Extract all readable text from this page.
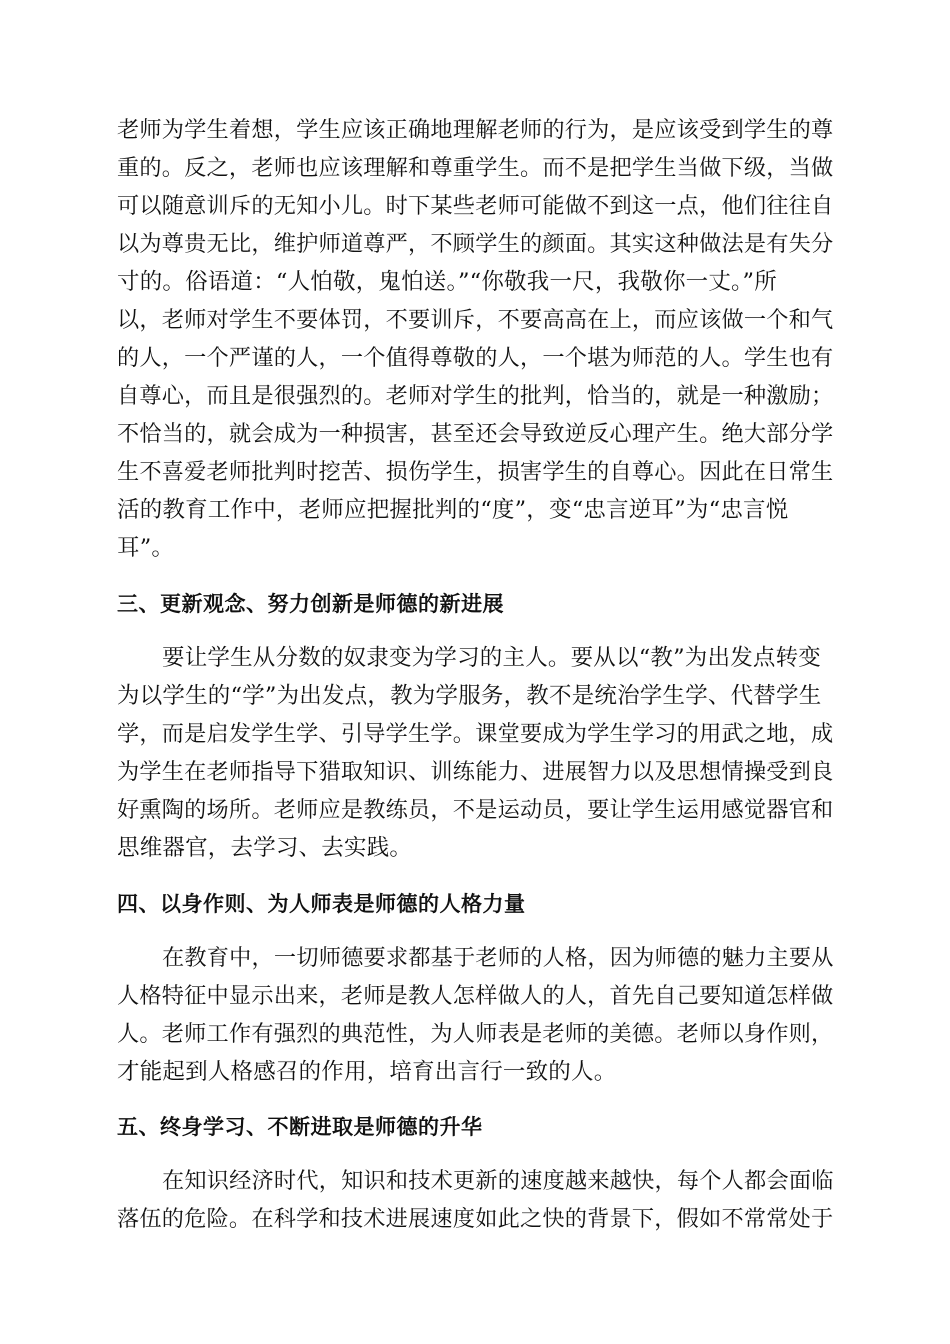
老师为学生着想，学生应该正确地理解老师的行为，是应该受到学生的尊
重的。反之，老师也应该理解和尊重学生。而不是把学生当做下级，当做
可以随意训斥的无知小儿。时下某些老师可能做不到这一点，他们往往自
以为尊贵无比，维护师道尊严，不顾学生的颜面。其实这种做法是有失分
寸的。俗语道：“人怕敬，鬼怕送。”“你敬我一尺，我敬你一丈。”所
以，老师对学生不要体罚，不要训斥，不要高高在上，而应该做一个和气
的人，一个严谨的人，一个值得尊敬的人，一个堪为师范的人。学生也有
自尊心，而且是很强烈的。老师对学生的批判，恰当的，就是一种激励；
不恰当的，就会成为一种损害，甚至还会导致逆反心理产生。绝大部分学
生不喜爱老师批判时挖苦、损伤学生，损害学生的自尊心。因此在日常生
活的教育工作中，老师应把握批判的“度”，变“忠言逆耳”为“忠言悦
耳”。
三、更新观念、努力创新是师德的新进展
要让学生从分数的奴隶变为学习的主人。要从以“教”为出发点转变
为以学生的“学”为出发点，教为学服务，教不是统治学生学、代替学生
学，而是启发学生学、引导学生学。课堂要成为学生学习的用武之地，成
为学生在老师指导下猎取知识、训练能力、进展智力以及思想情操受到良
好熏陶的场所。老师应是教练员，不是运动员，要让学生运用感觉器官和
思维器官，去学习、去实践。
四、以身作则、为人师表是师德的人格力量
在教育中，一切师德要求都基于老师的人格，因为师德的魅力主要从
人格特征中显示出来，老师是教人怎样做人的人，首先自己要知道怎样做
人。老师工作有强烈的典范性，为人师表是老师的美德。老师以身作则，
才能起到人格感召的作用，培育出言行一致的人。
五、终身学习、不断进取是师德的升华
在知识经济时代，知识和技术更新的速度越来越快，每个人都会面临
落伍的危险。在科学和技术进展速度如此之快的背景下，假如不常常处于
